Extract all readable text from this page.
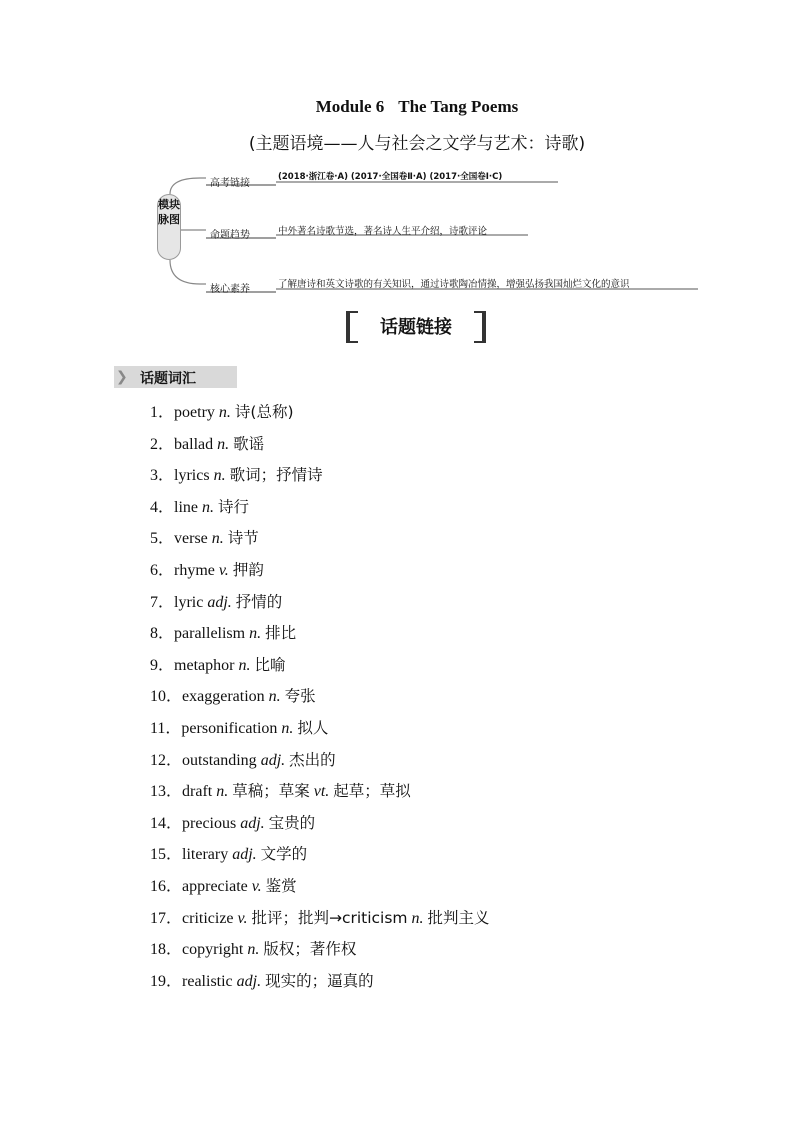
Module 6 The Tang Poems
(主题语境——人与社会之文学与艺术：诗歌)
模块脉图
高考链接
(2018·浙江卷·A) (2017·全国卷Ⅱ·A) (2017·全国卷Ⅰ·C)
命题趋势	中外著名诗歌节选，著名诗人生平介绍，诗歌评论
核心素养	了解唐诗和英文诗歌的有关知识，通过诗歌陶冶情操，增强弘扬我国灿烂文化的意识
话题链接
❯ 话题词汇
1．poetry n. 诗(总称)
2．ballad n. 歌谣
3．lyrics n. 歌词；抒情诗
4．line n. 诗行
5．verse n. 诗节
6．rhyme v. 押韵
7．lyric adj. 抒情的
8．parallelism n. 排比
9．metaphor n. 比喻
10．exaggeration n. 夸张
11．personification n. 拟人
12．outstanding adj. 杰出的
13．draft n. 草稿；草案 vt. 起草；草拟
14．precious adj. 宝贵的
15．literary adj. 文学的
16．appreciate v. 鉴赏
17．criticize v. 批评；批判→criticism n. 批判主义
18．copyright n. 版权；著作权
19．realistic adj. 现实的；逼真的
